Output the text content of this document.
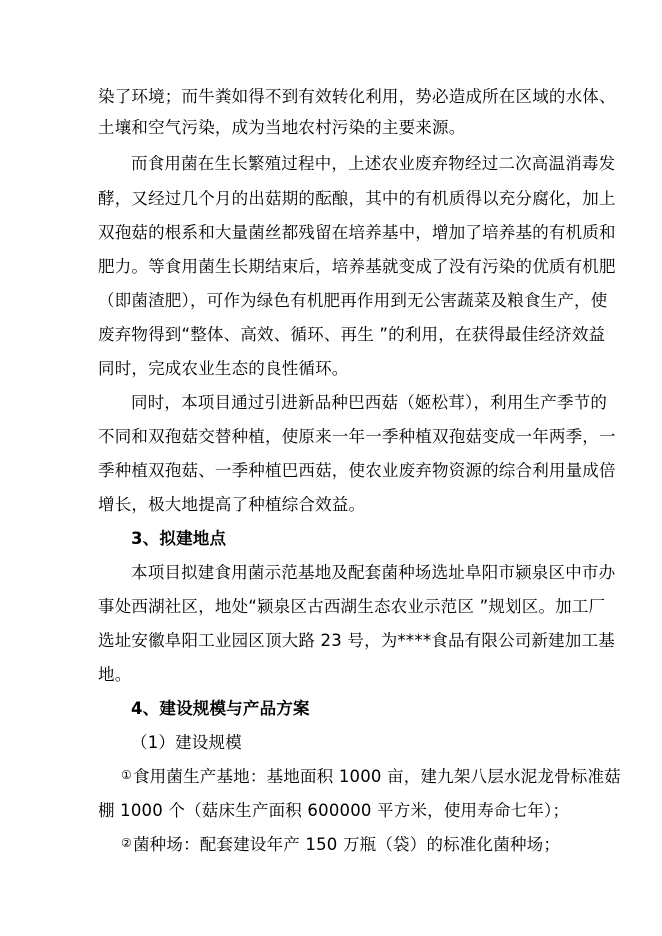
染了环境；而牛粪如得不到有效转化利用，势必造成所在区域的水体、
土壤和空气污染，成为当地农村污染的主要来源。
而食用菌在生长繁殖过程中，上述农业废弃物经过二次高温消毒发
酵，又经过几个月的出菇期的酝酿，其中的有机质得以充分腐化，加上
双孢菇的根系和大量菌丝都残留在培养基中，增加了培养基的有机质和
肥力。等食用菌生长期结束后，培养基就变成了没有污染的优质有机肥
（即菌渣肥），可作为绿色有机肥再作用到无公害蔬菜及粮食生产，使
废弃物得到“整体、高效、循环、再生 ”的利用，在获得最佳经济效益
同时，完成农业生态的良性循环。
同时，本项目通过引进新品种巴西菇（姬松茸），利用生产季节的
不同和双孢菇交替种植，使原来一年一季种植双孢菇变成一年两季，一
季种植双孢菇、一季种植巴西菇，使农业废弃物资源的综合利用量成倍
增长，极大地提高了种植综合效益。
3、拟建地点
本项目拟建食用菌示范基地及配套菌种场选址阜阳市颍泉区中市办
事处西湖社区，地处“颍泉区古西湖生态农业示范区 ”规划区。加工厂
选址安徽阜阳工业园区顶大路 23 号，为****食品有限公司新建加工基
地。
4、建设规模与产品方案
（1）建设规模
①食用菌生产基地：基地面积 1000 亩，建九架八层水泥龙骨标准菇
棚 1000 个（菇床生产面积 600000 平方米，使用寿命七年）；
②菌种场：配套建设年产 150 万瓶（袋）的标准化菌种场；
